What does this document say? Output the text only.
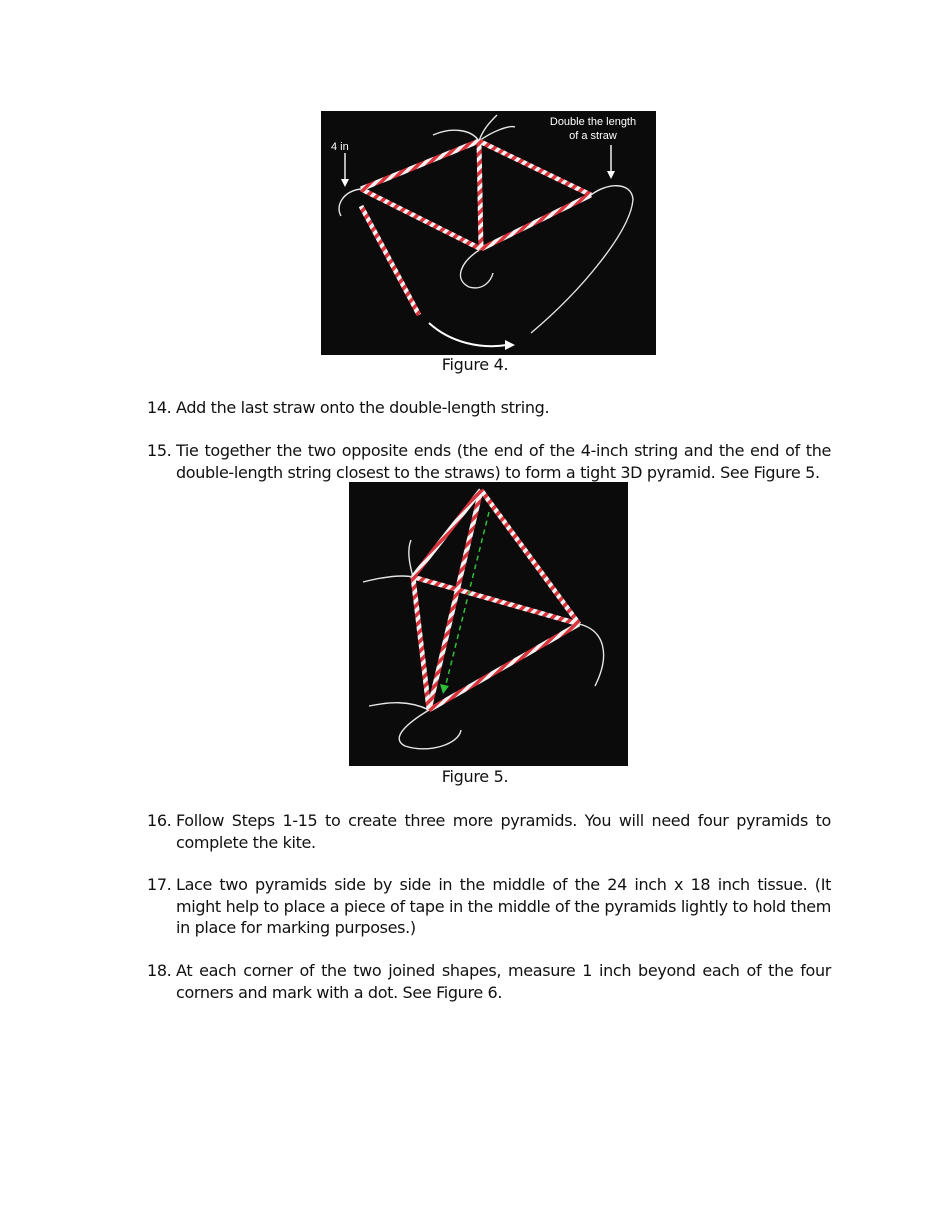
4 in
Double the length
of a straw
Figure 4.
14. Add the last straw onto the double-length string.
15. Tie together the two opposite ends (the end of the 4-inch string and the end of the double-length string closest to the straws) to form a tight 3D pyramid. See Figure 5.
Figure 5.
16. Follow Steps 1-15 to create three more pyramids. You will need four pyramids to complete the kite.
17. Lace two pyramids side by side in the middle of the 24 inch x 18 inch tissue. (It might help to place a piece of tape in the middle of the pyramids lightly to hold them in place for marking purposes.)
18. At each corner of the two joined shapes, measure 1 inch beyond each of the four corners and mark with a dot. See Figure 6.
